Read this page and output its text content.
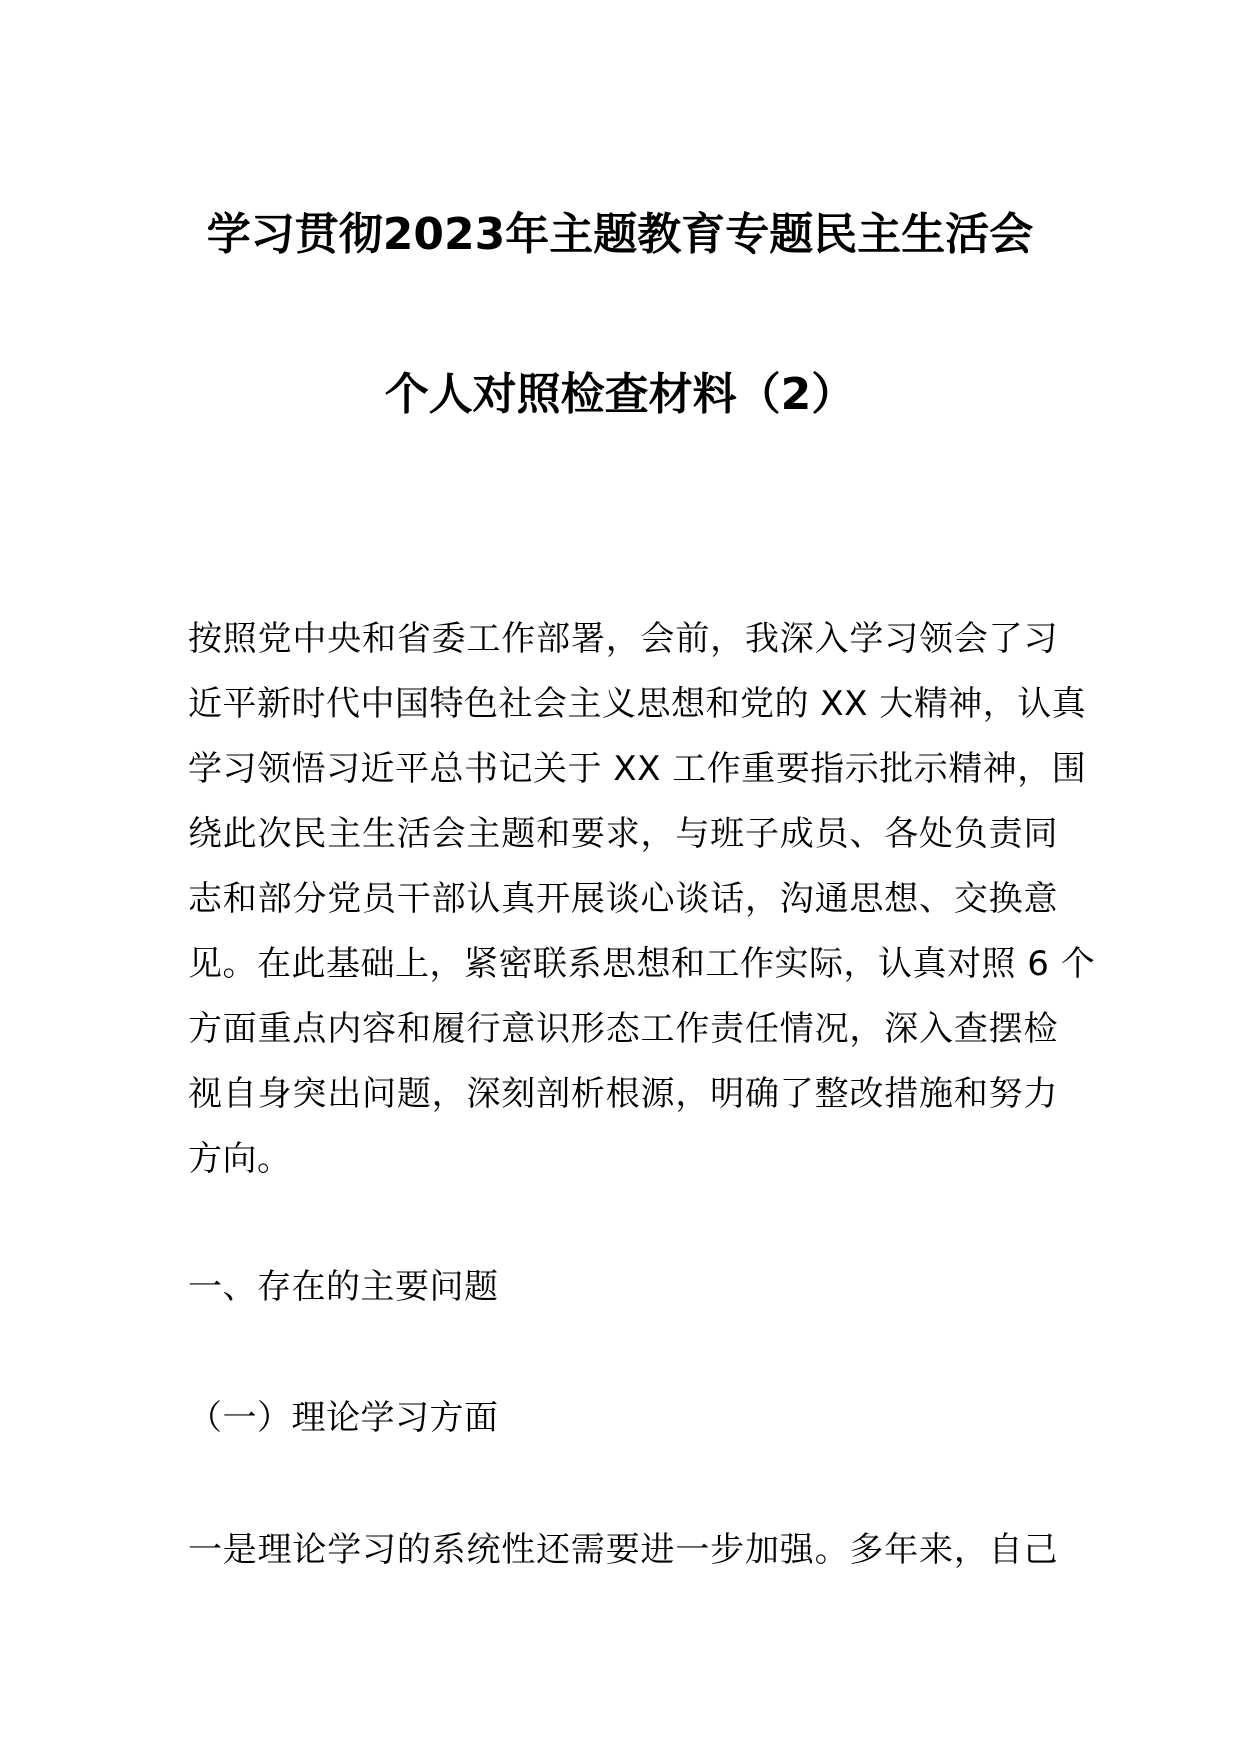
学习贯彻2023年主题教育专题民主生活会
个人对照检查材料（2）
按照党中央和省委工作部署，会前，我深入学习领会了习
近平新时代中国特色社会主义思想和党的 XX 大精神，认真
学习领悟习近平总书记关于 XX 工作重要指示批示精神，围
绕此次民主生活会主题和要求，与班子成员、各处负责同
志和部分党员干部认真开展谈心谈话，沟通思想、交换意
见。在此基础上，紧密联系思想和工作实际，认真对照 6 个
方面重点内容和履行意识形态工作责任情况，深入查摆检
视自身突出问题，深刻剖析根源，明确了整改措施和努力
方向。
一、存在的主要问题
（一）理论学习方面
一是理论学习的系统性还需要进一步加强。多年来，自己
